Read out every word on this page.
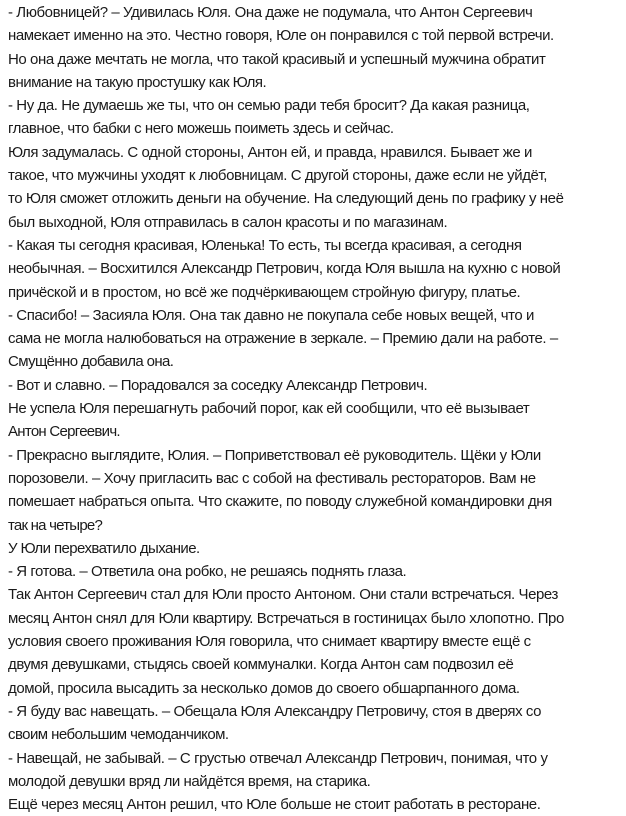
- Любовницей? – Удивилась Юля. Она даже не подумала, что Антон Сергеевич
намекает именно на это. Честно говоря, Юле он понравился с той первой встречи.
Но она даже мечтать не могла, что такой красивый и успешный мужчина обратит
внимание на такую простушку как Юля.
- Ну да. Не думаешь же ты, что он семью ради тебя бросит? Да какая разница,
главное, что бабки с него можешь поиметь здесь и сейчас.
Юля задумалась. С одной стороны, Антон ей, и правда, нравился. Бывает же и
такое, что мужчины уходят к любовницам. С другой стороны, даже если не уйдёт,
то Юля сможет отложить деньги на обучение. На следующий день по графику у неё
был выходной, Юля отправилась в салон красоты и по магазинам.
- Какая ты сегодня красивая, Юленька! То есть, ты всегда красивая, а сегодня
необычная. – Восхитился Александр Петрович, когда Юля вышла на кухню с новой
причёской и в простом, но всё же подчёркивающем стройную фигуру, платье.
- Спасибо! – Засияла Юля. Она так давно не покупала себе новых вещей, что и
сама не могла налюбоваться на отражение в зеркале. – Премию дали на работе. –
Смущённо добавила она.
- Вот и славно. – Порадовался за соседку Александр Петрович.
Не успела Юля перешагнуть рабочий порог, как ей сообщили, что её вызывает
Антон Сергеевич.
- Прекрасно выглядите, Юлия. – Поприветствовал её руководитель. Щёки у Юли
порозовели. – Хочу пригласить вас с собой на фестиваль рестораторов. Вам не
помешает набраться опыта. Что скажите, по поводу служебной командировки дня
так на четыре?
У Юли перехватило дыхание.
- Я готова. – Ответила она робко, не решаясь поднять глаза.
Так Антон Сергеевич стал для Юли просто Антоном. Они стали встречаться. Через
месяц Антон снял для Юли квартиру. Встречаться в гостиницах было хлопотно. Про
условия своего проживания Юля говорила, что снимает квартиру вместе ещё с
двумя девушками, стыдясь своей коммуналки. Когда Антон сам подвозил её
домой, просила высадить за несколько домов до своего обшарпанного дома.
- Я буду вас навещать. – Обещала Юля Александру Петровичу, стоя в дверях со
своим небольшим чемоданчиком.
- Навещай, не забывай. – С грустью отвечал Александр Петрович, понимая, что у
молодой девушки вряд ли найдётся время, на старика.
Ещё через месяц Антон решил, что Юле больше не стоит работать в ресторане.
